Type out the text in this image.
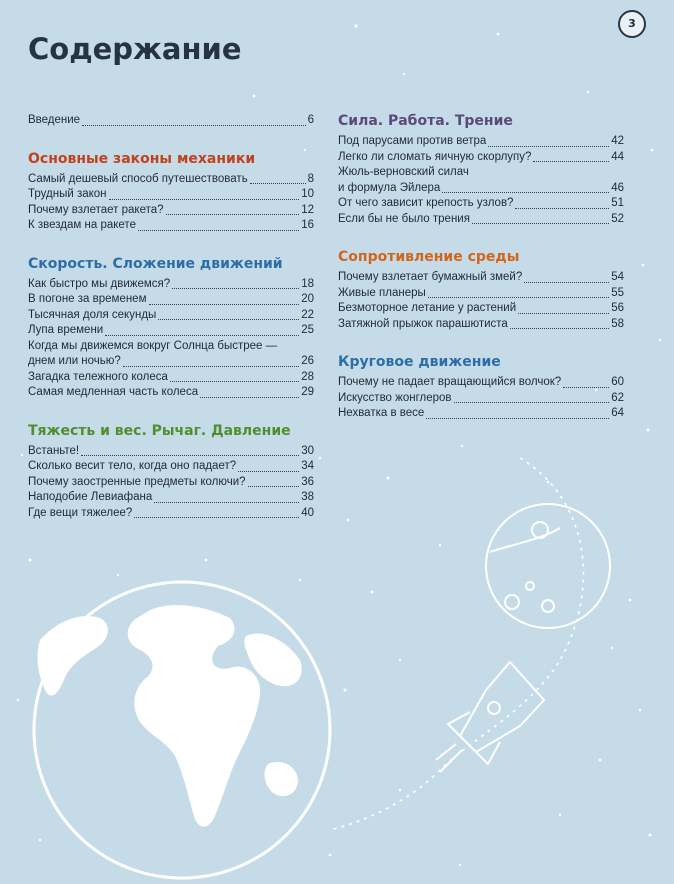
3
Содержание
Введение	6
Основные законы механики
Самый дешевый способ путешествовать	8
Трудный закон	10
Почему взлетает ракета?	12
К звездам на ракете	16
Скорость. Сложение движений
Как быстро мы движемся?	18
В погоне за временем	20
Тысячная доля секунды	22
Лупа времени	25
Когда мы движемся вокруг Солнца быстрее —
днем или ночью?	26
Загадка тележного колеса	28
Самая медленная часть колеса	29
Тяжесть и вес. Рычаг. Давление
Встаньте!	30
Сколько весит тело, когда оно падает?	34
Почему заостренные предметы колючи?	36
Наподобие Левиафана	38
Где вещи тяжелее?	40
Сила. Работа. Трение
Под парусами против ветра	42
Легко ли сломать яичную скорлупу?	44
Жюль-верновский силач
и формула Эйлера	46
От чего зависит крепость узлов?	51
Если бы не было трения	52
Сопротивление среды
Почему взлетает бумажный змей?	54
Живые планеры	55
Безмоторное летание у растений	56
Затяжной прыжок парашютиста	58
Круговое движение
Почему не падает вращающийся волчок?	60
Искусство жонглеров	62
Нехватка в весе	64
